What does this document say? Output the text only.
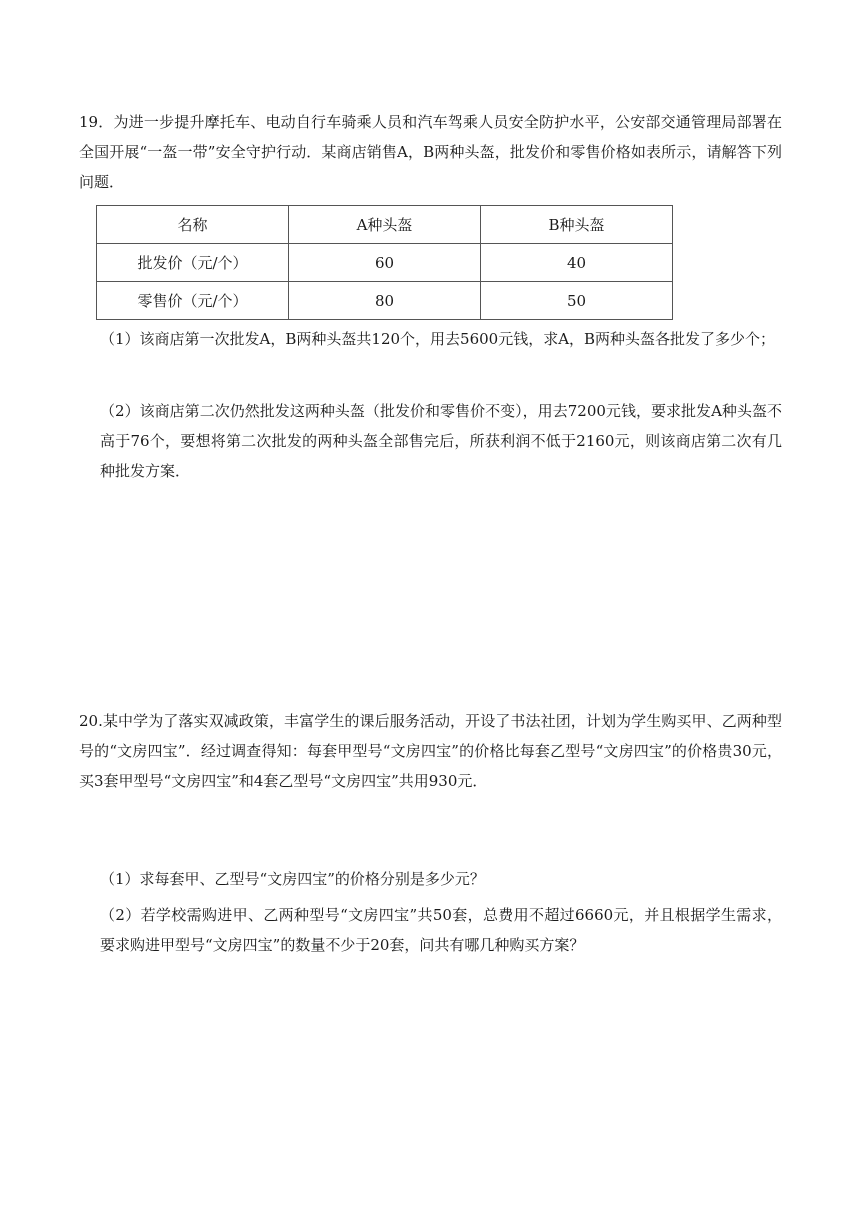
19．为进一步提升摩托车、电动自行车骑乘人员和汽车驾乘人员安全防护水平，公安部交通管理局部署在全国开展“一盔一带”安全守护行动．某商店销售A，B两种头盔，批发价和零售价格如表所示，请解答下列问题．

名称	A种头盔	B种头盔
批发价（元/个）	60	40
零售价（元/个）	80	50

（1）该商店第一次批发A，B两种头盔共120个，用去5600元钱，求A，B两种头盔各批发了多少个；

（2）该商店第二次仍然批发这两种头盔（批发价和零售价不变），用去7200元钱，要求批发A种头盔不高于76个，要想将第二次批发的两种头盔全部售完后，所获利润不低于2160元，则该商店第二次有几种批发方案．

20.某中学为了落实双减政策，丰富学生的课后服务活动，开设了书法社团，计划为学生购买甲、乙两种型号的“文房四宝”．经过调查得知：每套甲型号“文房四宝”的价格比每套乙型号“文房四宝”的价格贵30元，买3套甲型号“文房四宝”和4套乙型号“文房四宝”共用930元．

（1）求每套甲、乙型号“文房四宝”的价格分别是多少元？

（2）若学校需购进甲、乙两种型号“文房四宝”共50套，总费用不超过6660元，并且根据学生需求，要求购进甲型号“文房四宝”的数量不少于20套，问共有哪几种购买方案？
